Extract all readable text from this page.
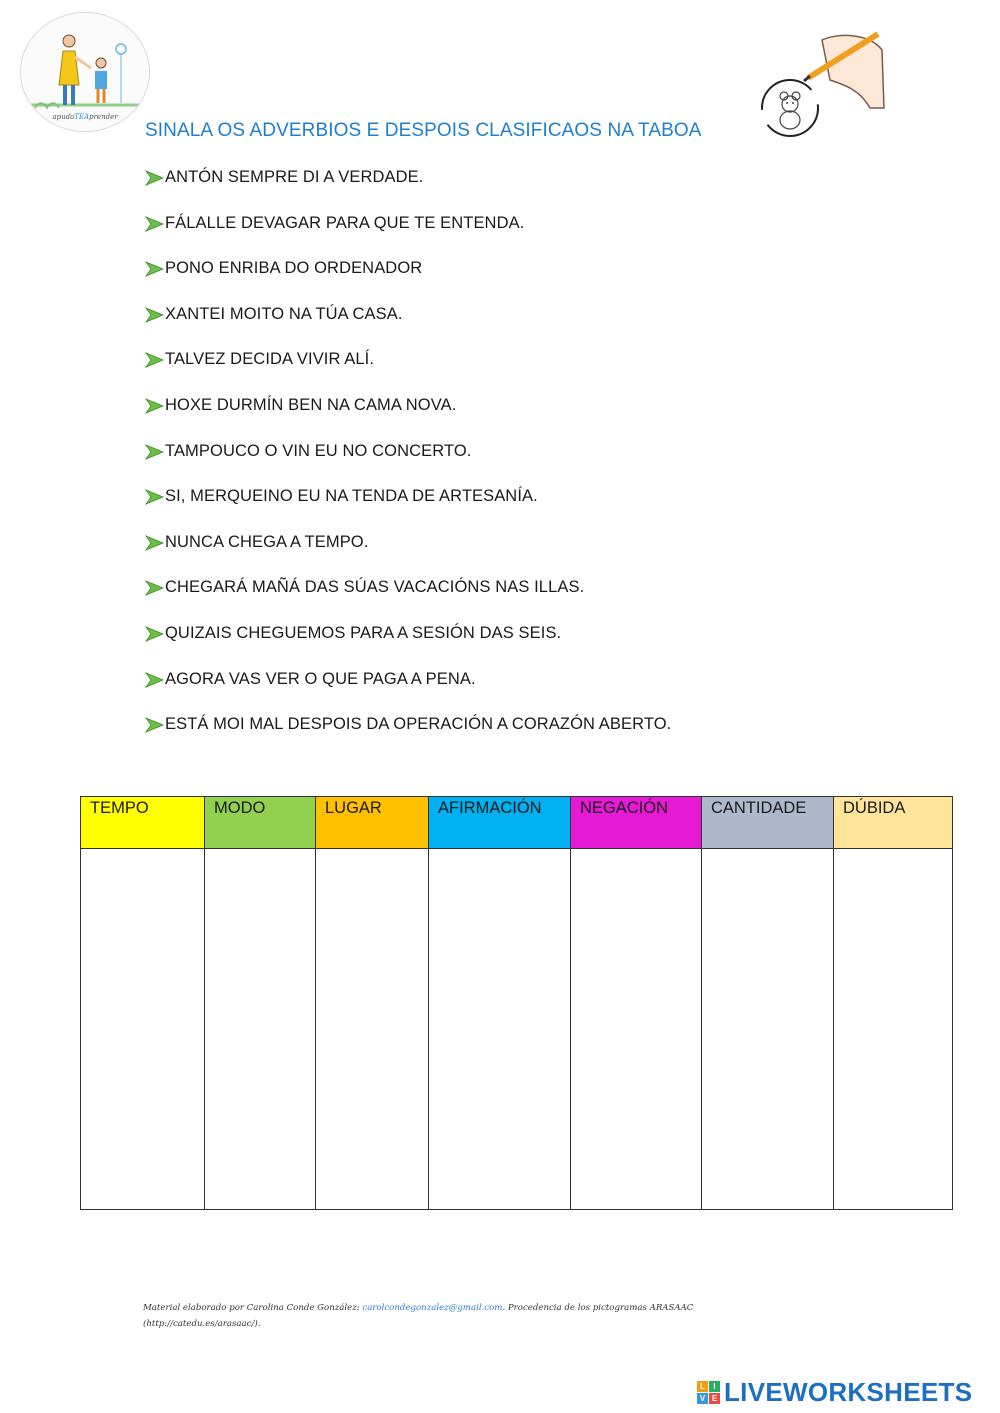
apudaTEAprender
SINALA OS ADVERBIOS E DESPOIS CLASIFICAOS NA TABOA
ANTÓN SEMPRE DI A VERDADE.
FÁLALLE DEVAGAR PARA QUE TE ENTENDA.
PONO ENRIBA DO ORDENADOR
XANTEI MOITO NA TÚA CASA.
TALVEZ DECIDA VIVIR ALÍ.
HOXE DURMÍN BEN NA CAMA NOVA.
TAMPOUCO O VIN EU NO CONCERTO.
SI, MERQUEINO EU NA TENDA DE ARTESANÍA.
NUNCA CHEGA A TEMPO.
CHEGARÁ MAÑÁ DAS SÚAS VACACIÓNS NAS ILLAS.
QUIZAIS CHEGUEMOS PARA A SESIÓN DAS SEIS.
AGORA VAS VER O QUE PAGA A PENA.
ESTÁ MOI MAL DESPOIS DA OPERACIÓN A CORAZÓN ABERTO.
TEMPO	MODO	LUGAR	AFIRMACIÓN	NEGACIÓN	CANTIDADE	DÚBIDA

Material elaborado por Carolina Conde González: carolcondegonzalez@gmail.com. Procedencia de los pictogramas ARASAAC
(http://catedu.es/arasaac/).
L	I
V E LIVEWORKSHEETS
